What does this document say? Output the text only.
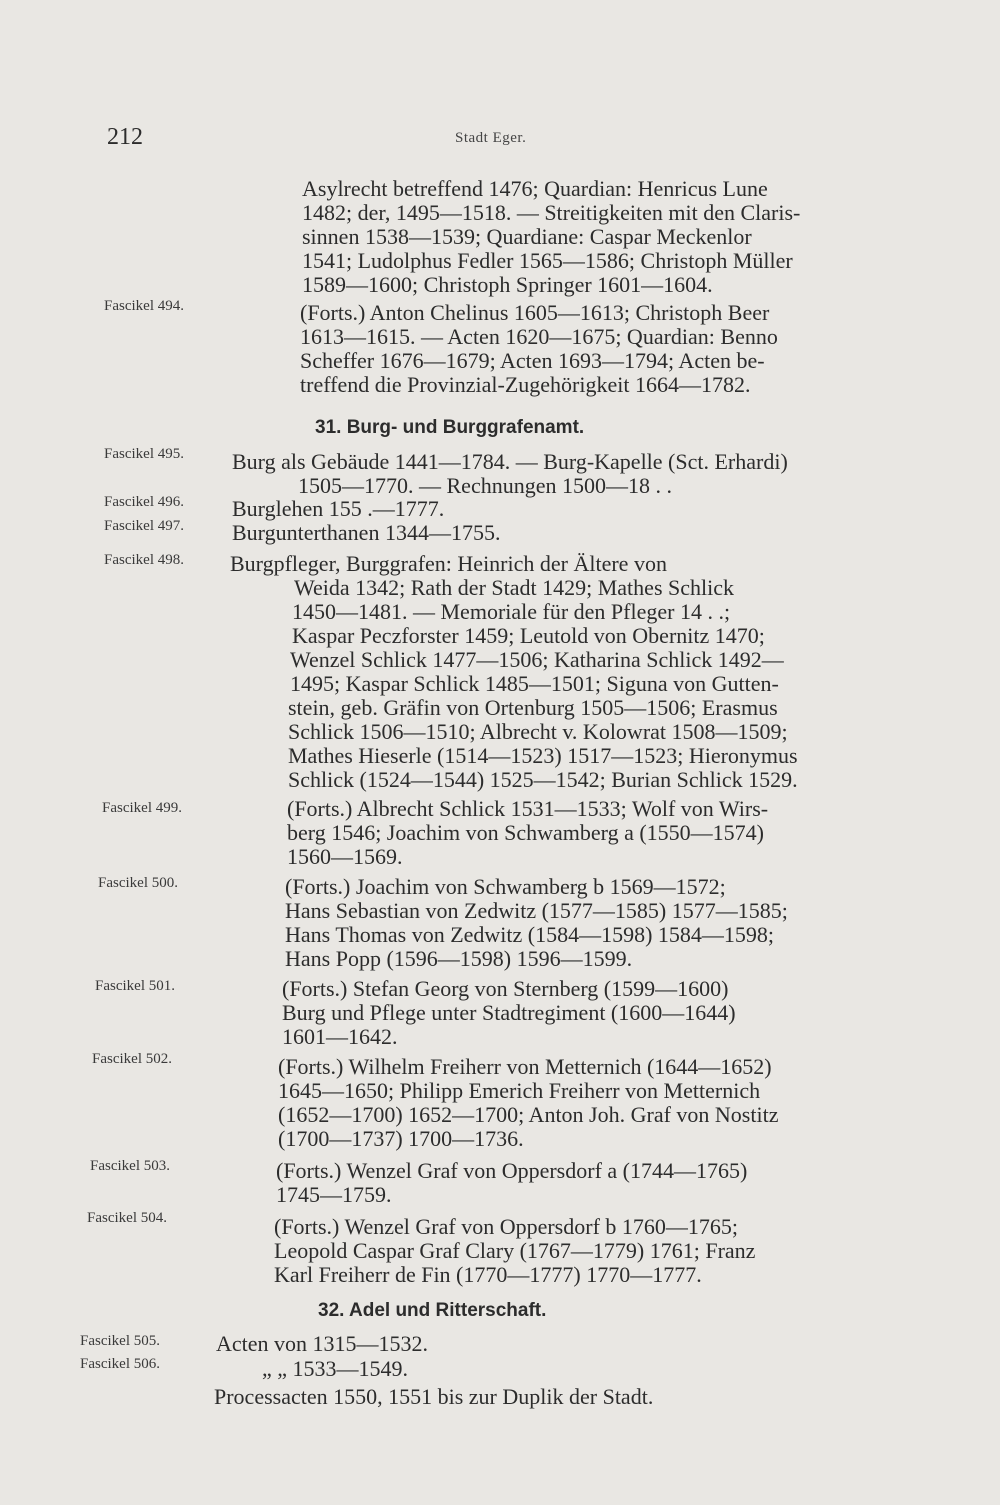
212	Stadt Eger.
Fascikel 494.
Fascikel 495.
Fascikel 496.
Fascikel 497.
Fascikel 498.
Fascikel 499.
Fascikel 500.
Fascikel 501.
Fascikel 502.
Fascikel 503.
Fascikel 504.
Fascikel 505.
Fascikel 506.
31. Burg- und Burggrafenamt.
32. Adel und Ritterschaft.
Asylrecht betreffend 1476; Quardian: Henricus Lune
1482; der, 1495—1518. — Streitigkeiten mit den Claris-
sinnen 1538—1539; Quardiane: Caspar Meckenlor
1541; Ludolphus Fedler 1565—1586; Christoph Müller
1589—1600; Christoph Springer 1601—1604.
(Forts.) Anton Chelinus 1605—1613; Christoph Beer
1613—1615. — Acten 1620—1675; Quardian: Benno
Scheffer 1676—1679; Acten 1693—1794; Acten be-
treffend die Provinzial-Zugehörigkeit 1664—1782.
Burg als Gebäude 1441—1784. — Burg-Kapelle (Sct. Erhardi)
1505—1770. — Rechnungen 1500—18 . .
Burglehen 155 .—1777.
Burgunterthanen 1344—1755.
Burgpfleger, Burggrafen: Heinrich der Ältere von
Weida 1342; Rath der Stadt 1429; Mathes Schlick
1450—1481. — Memoriale für den Pfleger 14 . .;
Kaspar Peczforster 1459; Leutold von Obernitz 1470;
Wenzel Schlick 1477—1506; Katharina Schlick 1492—
1495; Kaspar Schlick 1485—1501; Siguna von Gutten-
stein, geb. Gräfin von Ortenburg 1505—1506; Erasmus
Schlick 1506—1510; Albrecht v. Kolowrat 1508—1509;
Mathes Hieserle (1514—1523) 1517—1523; Hieronymus
Schlick (1524—1544) 1525—1542; Burian Schlick 1529.
(Forts.) Albrecht Schlick 1531—1533; Wolf von Wirs-
berg 1546; Joachim von Schwamberg a (1550—1574)
1560—1569.
(Forts.) Joachim von Schwamberg b 1569—1572;
Hans Sebastian von Zedwitz (1577—1585) 1577—1585;
Hans Thomas von Zedwitz (1584—1598) 1584—1598;
Hans Popp (1596—1598) 1596—1599.
(Forts.) Stefan Georg von Sternberg (1599—1600)
Burg und Pflege unter Stadtregiment (1600—1644)
1601—1642.
(Forts.) Wilhelm Freiherr von Metternich (1644—1652)
1645—1650; Philipp Emerich Freiherr von Metternich
(1652—1700) 1652—1700; Anton Joh. Graf von Nostitz
(1700—1737) 1700—1736.
(Forts.) Wenzel Graf von Oppersdorf a (1744—1765)
1745—1759.
(Forts.) Wenzel Graf von Oppersdorf b 1760—1765;
Leopold Caspar Graf Clary (1767—1779) 1761; Franz
Karl Freiherr de Fin (1770—1777) 1770—1777.
Acten von 1315—1532.
„ „ 1533—1549.
Processacten 1550, 1551 bis zur Duplik der Stadt.
